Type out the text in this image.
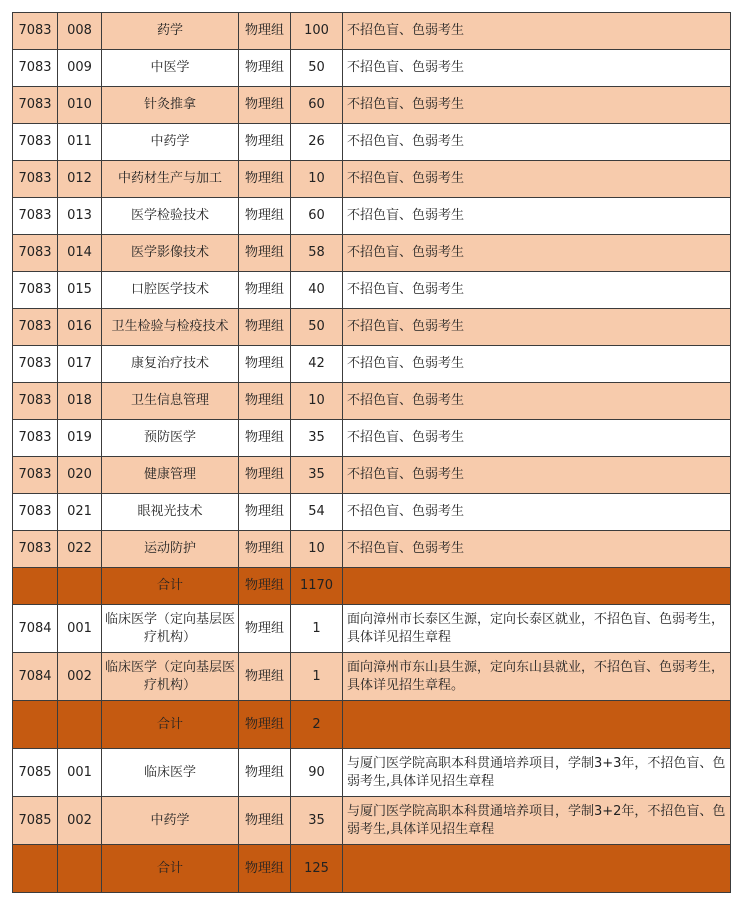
7083	008	药学	物理组	100	不招色盲、色弱考生
7083	009	中医学	物理组	50	不招色盲、色弱考生
7083	010	针灸推拿	物理组	60	不招色盲、色弱考生
7083	011	中药学	物理组	26	不招色盲、色弱考生
7083	012	中药材生产与加工	物理组	10	不招色盲、色弱考生
7083	013	医学检验技术	物理组	60	不招色盲、色弱考生
7083	014	医学影像技术	物理组	58	不招色盲、色弱考生
7083	015	口腔医学技术	物理组	40	不招色盲、色弱考生
7083	016	卫生检验与检疫技术	物理组	50	不招色盲、色弱考生
7083	017	康复治疗技术	物理组	42	不招色盲、色弱考生
7083	018	卫生信息管理	物理组	10	不招色盲、色弱考生
7083	019	预防医学	物理组	35	不招色盲、色弱考生
7083	020	健康管理	物理组	35	不招色盲、色弱考生
7083	021	眼视光技术	物理组	54	不招色盲、色弱考生
7083	022	运动防护	物理组	10	不招色盲、色弱考生
		合计	物理组	1170	
7084	001	临床医学（定向基层医疗机构）	物理组	1	面向漳州市长泰区生源，定向长泰区就业，不招色盲、色弱考生，具体详见招生章程
7084	002	临床医学（定向基层医疗机构）	物理组	1	面向漳州市东山县生源，定向东山县就业，不招色盲、色弱考生，具体详见招生章程。
		合计	物理组	2	
7085	001	临床医学	物理组	90	与厦门医学院高职本科贯通培养项目，学制3+3年，不招色盲、色弱考生,具体详见招生章程
7085	002	中药学	物理组	35	与厦门医学院高职本科贯通培养项目，学制3+2年，不招色盲、色弱考生,具体详见招生章程
		合计	物理组	125	
